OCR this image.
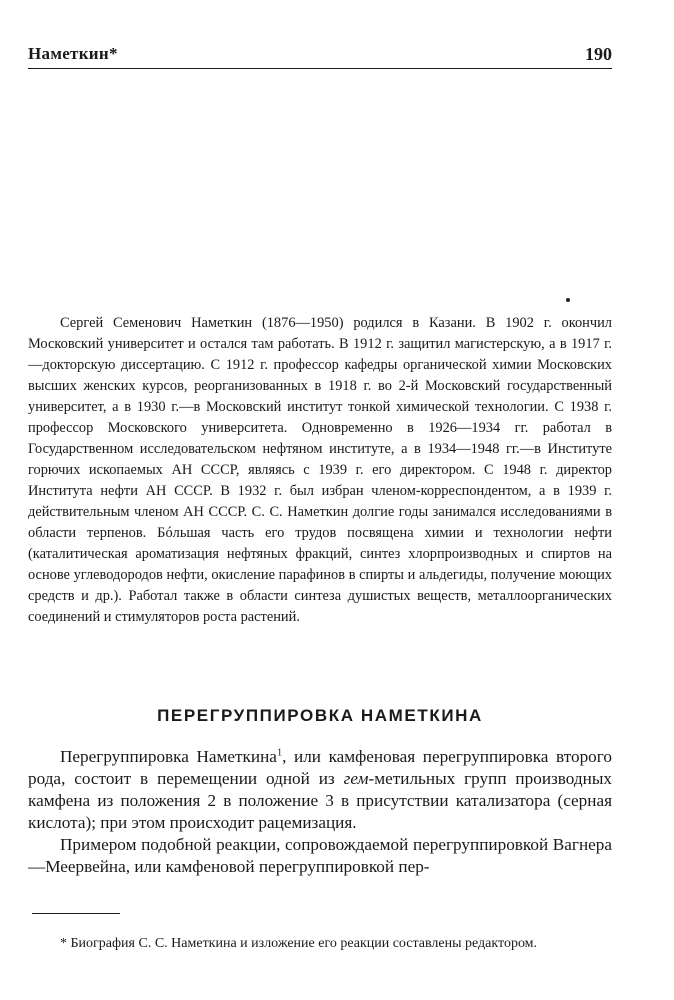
Наметкин*	190

Сергей Семенович Наметкин (1876—1950) родился в Казани. В 1902 г. окончил Московский университет и остался там работать. В 1912 г. защитил магистерскую, а в 1917 г.—докторскую диссертацию. С 1912 г. профессор кафедры органической химии Московских высших женских курсов, реорганизованных в 1918 г. во 2-й Московский государственный университет, а в 1930 г.—в Московский институт тонкой химической технологии. С 1938 г. профессор Московского университета. Одновременно в 1926—1934 гг. работал в Государственном исследовательском нефтяном институте, а в 1934—1948 гг.—в Институте горючих ископаемых АН СССР, являясь с 1939 г. его директором. С 1948 г. директор Института нефти АН СССР. В 1932 г. был избран членом-корреспондентом, а в 1939 г. действительным членом АН СССР. С. С. Наметкин долгие годы занимался исследованиями в области терпенов. Бóльшая часть его трудов посвящена химии и технологии нефти (каталитическая ароматизация нефтяных фракций, синтез хлорпроизводных и спиртов на основе углеводородов нефти, окисление парафинов в спирты и альдегиды, получение моющих средств и др.). Работал также в области синтеза душистых веществ, металлоорганических соединений и стимуляторов роста растений.

ПЕРЕГРУППИРОВКА НАМЕТКИНА

Перегруппировка Наметкина$^1$, или камфеновая перегруппировка второго рода, состоит в перемещении одной из гем-метильных групп производных камфена из положения 2 в положение 3 в присутствии катализатора (серная кислота); при этом происходит рацемизация.

Примером подобной реакции, сопровождаемой перегруппировкой Вагнера—Меервейна, или камфеновой перегруппировкой пер-

* Биография С. С. Наметкина и изложение его реакции составлены редактором.
